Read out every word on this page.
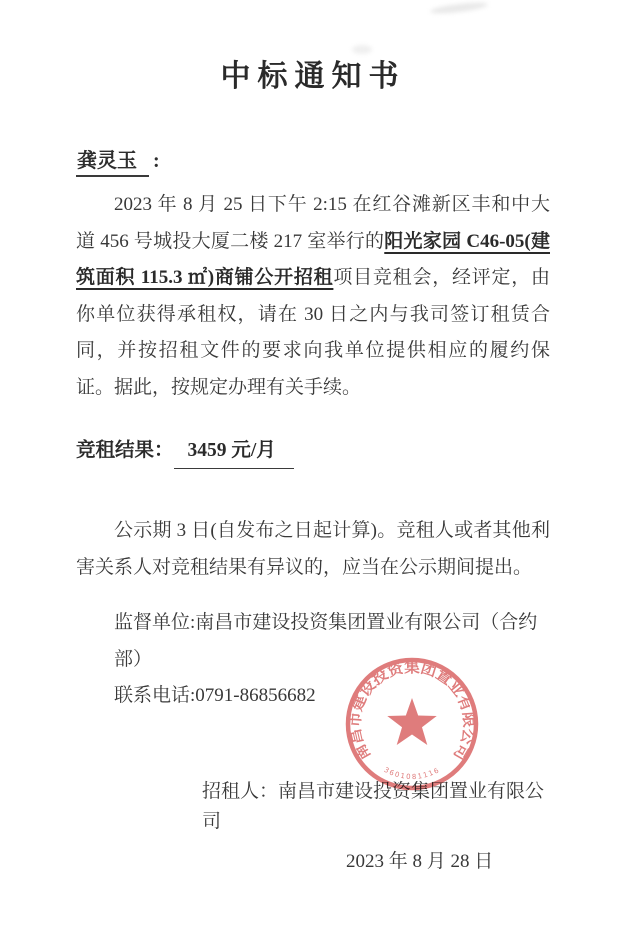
中标通知书
龚灵玉 :

2023 年 8 月 25 日下午 2:15 在红谷滩新区丰和中大道 456 号城投大厦二楼 217 室举行的阳光家园 C46-05(建筑面积 115.3 ㎡)商铺公开招租项目竞租会，经评定，由你单位获得承租权，请在 30 日之内与我司签订租赁合同，并按招租文件的要求向我单位提供相应的履约保证。据此，按规定办理有关手续。

竞租结果： 3459 元/月

公示期 3 日(自发布之日起计算)。竞租人或者其他利害关系人对竞租结果有异议的，应当在公示期间提出。

监督单位:南昌市建设投资集团置业有限公司（合约部）
联系电话:0791-86856682
招租人：南昌市建设投资集团置业有限公司
2023 年 8 月 28 日
南昌市建设投资集团置业有限公司
3601081116
